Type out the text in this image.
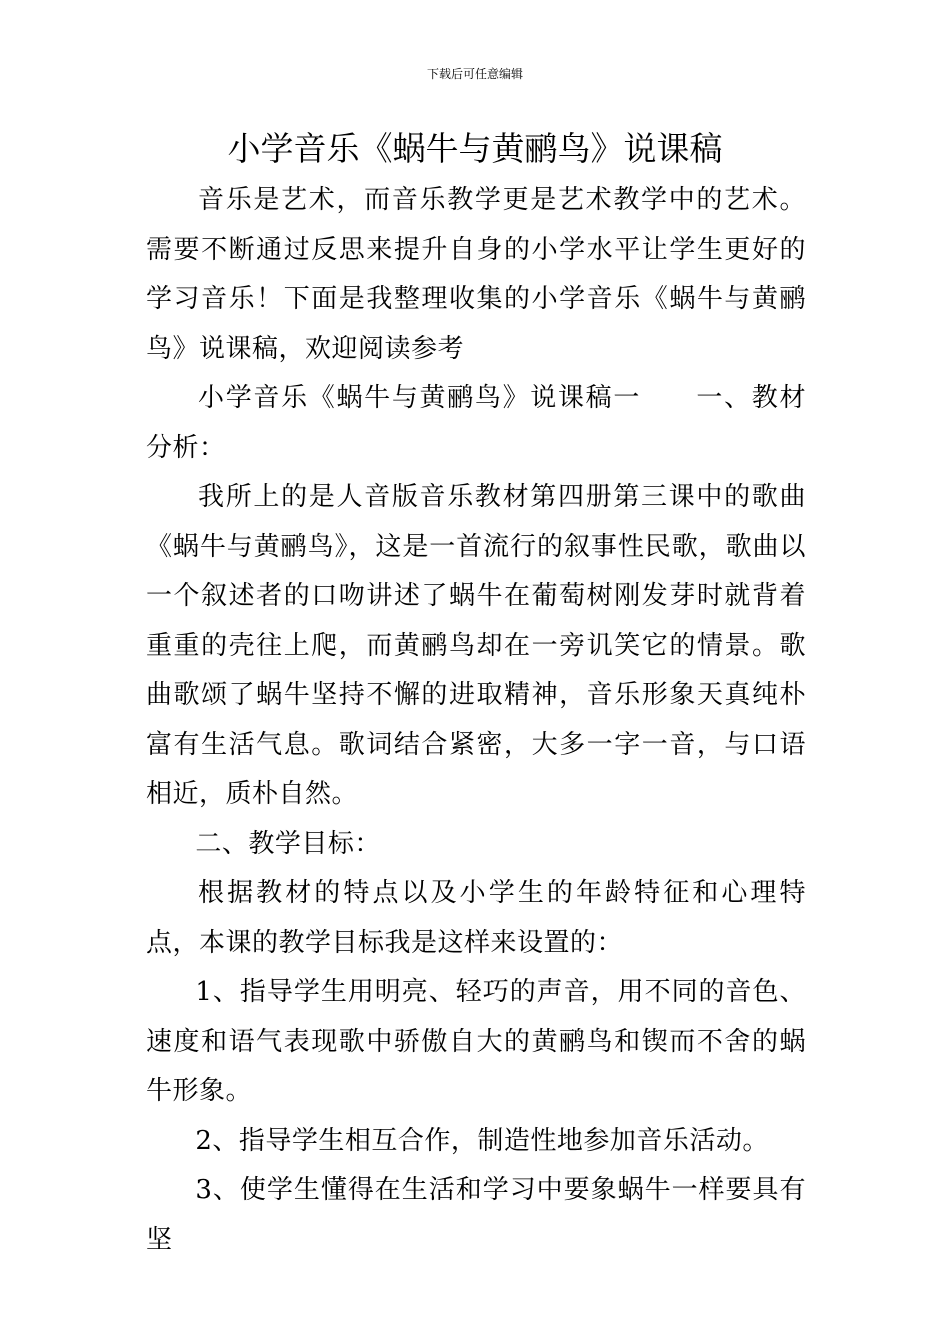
下载后可任意编辑
小学音乐《蜗牛与黄鹂鸟》说课稿

音乐是艺术，而音乐教学更是艺术教学中的艺术。需要不断通过反思来提升自身的小学水平让学生更好的学习音乐！下面是我整理收集的小学音乐《蜗牛与黄鹂鸟》说课稿，欢迎阅读参考

小学音乐《蜗牛与黄鹂鸟》说课稿一　　一、教材分析：

我所上的是人音版音乐教材第四册第三课中的歌曲《蜗牛与黄鹂鸟》，这是一首流行的叙事性民歌，歌曲以一个叙述者的口吻讲述了蜗牛在葡萄树刚发芽时就背着重重的壳往上爬，而黄鹂鸟却在一旁讥笑它的情景。歌曲歌颂了蜗牛坚持不懈的进取精神，音乐形象天真纯朴富有生活气息。歌词结合紧密，大多一字一音，与口语相近，质朴自然。

二、教学目标：

根据教材的特点以及小学生的年龄特征和心理特点，本课的教学目标我是这样来设置的：

1、指导学生用明亮、轻巧的声音，用不同的音色、速度和语气表现歌中骄傲自大的黄鹂鸟和锲而不舍的蜗牛形象。

2、指导学生相互合作，制造性地参加音乐活动。

3、使学生懂得在生活和学习中要象蜗牛一样要具有坚
